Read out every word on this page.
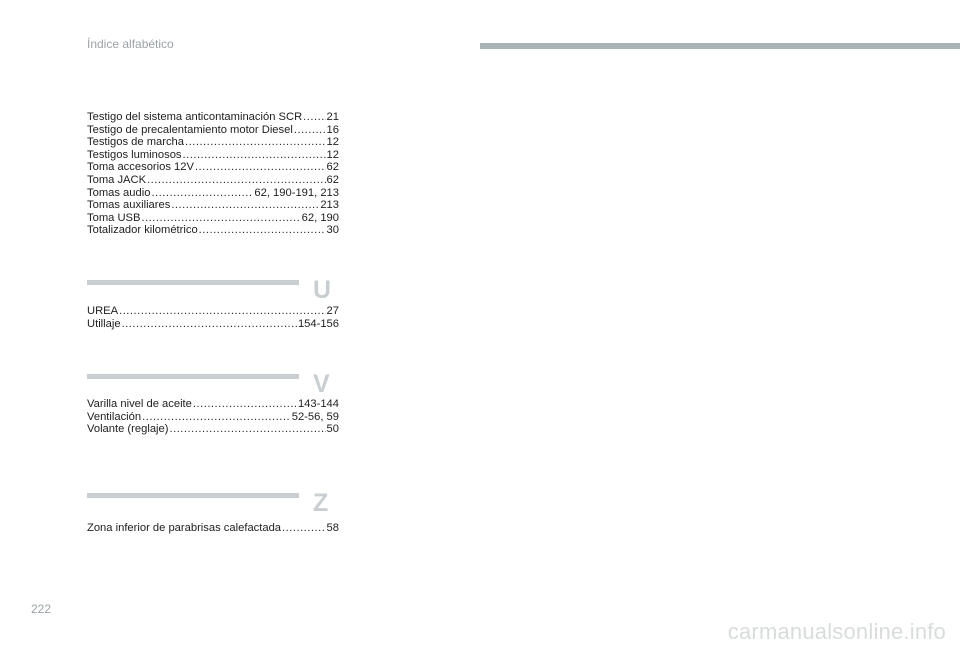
Índice alfabético
Testigo del sistema anticontaminación SCR ..... 21
Testigo de precalentamiento motor Diesel .....	16
Testigos de marcha .....	12
Testigos luminosos .....	12
Toma accesorios 12V .....	62
Toma JACK .....	62
Tomas audio .....	62, 190-191, 213
Tomas auxiliares .....	213
Toma USB .....	62, 190
Totalizador kilométrico .....	30
U
UREA .....	27
Utillaje .....	154-156
V
Varilla nivel de aceite .....	143-144
Ventilación .....	52-56, 59
Volante (reglaje) .....	50
Z
Zona inferior de parabrisas calefactada .....	58
222
carmanualsonline.info
